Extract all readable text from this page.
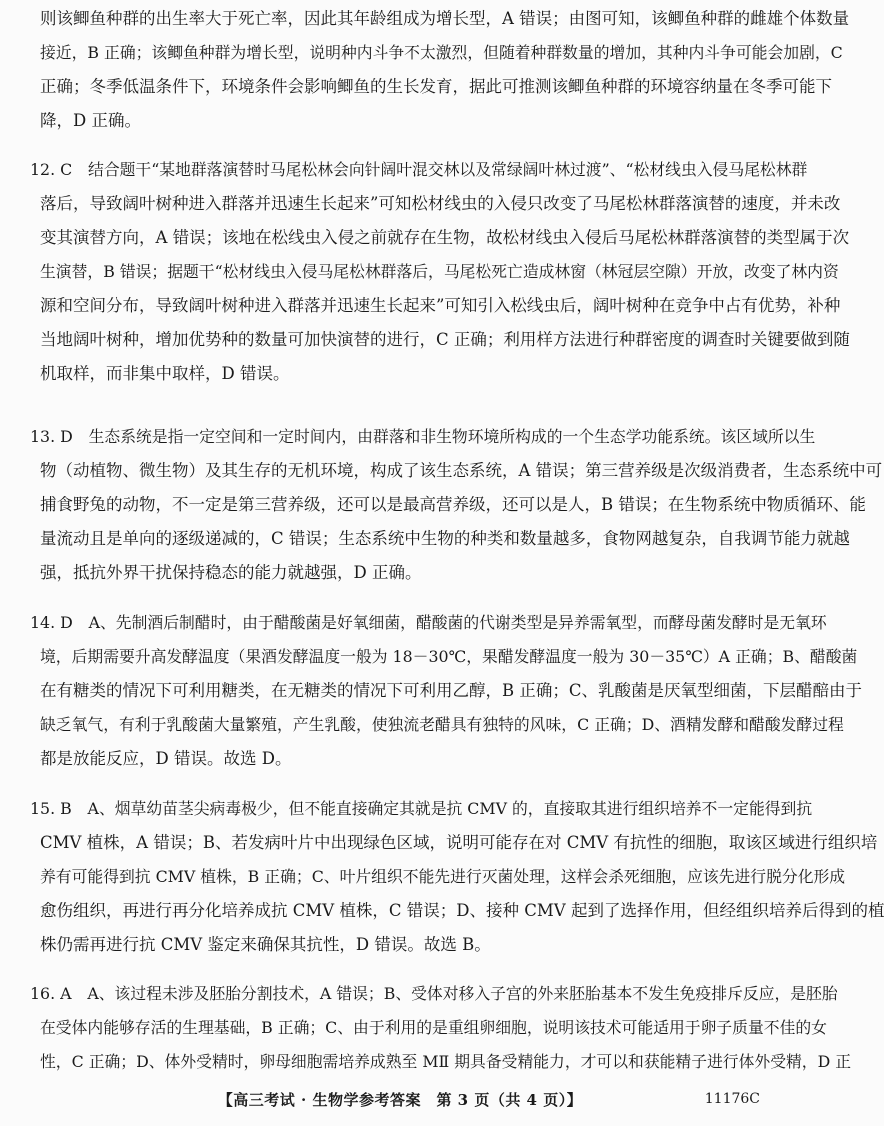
则该鲫鱼种群的出生率大于死亡率，因此其年龄组成为增长型，A 错误；由图可知，该鲫鱼种群的雌雄个体数量
接近，B 正确；该鲫鱼种群为增长型，说明种内斗争不太激烈，但随着种群数量的增加，其种内斗争可能会加剧，C
正确；冬季低温条件下，环境条件会影响鲫鱼的生长发育，据此可推测该鲫鱼种群的环境容纳量在冬季可能下
降，D 正确。
12. C　结合题干“某地群落演替时马尾松林会向针阔叶混交林以及常绿阔叶林过渡”、“松材线虫入侵马尾松林群
落后，导致阔叶树种进入群落并迅速生长起来”可知松材线虫的入侵只改变了马尾松林群落演替的速度，并未改
变其演替方向，A 错误；该地在松线虫入侵之前就存在生物，故松材线虫入侵后马尾松林群落演替的类型属于次
生演替，B 错误；据题干“松材线虫入侵马尾松林群落后，马尾松死亡造成林窗（林冠层空隙）开放，改变了林内资
源和空间分布，导致阔叶树种进入群落并迅速生长起来”可知引入松线虫后，阔叶树种在竞争中占有优势，补种
当地阔叶树种，增加优势种的数量可加快演替的进行，C 正确；利用样方法进行种群密度的调查时关键要做到随
机取样，而非集中取样，D 错误。
13. D　生态系统是指一定空间和一定时间内，由群落和非生物环境所构成的一个生态学功能系统。该区域所以生
物（动植物、微生物）及其生存的无机环境，构成了该生态系统，A 错误；第三营养级是次级消费者，生态系统中可
捕食野兔的动物，不一定是第三营养级，还可以是最高营养级，还可以是人，B 错误；在生物系统中物质循环、能
量流动且是单向的逐级递减的，C 错误；生态系统中生物的种类和数量越多，食物网越复杂，自我调节能力就越
强，抵抗外界干扰保持稳态的能力就越强，D 正确。
14. D　A、先制酒后制醋时，由于醋酸菌是好氧细菌，醋酸菌的代谢类型是异养需氧型，而酵母菌发酵时是无氧环
境，后期需要升高发酵温度（果酒发酵温度一般为 18－30℃，果醋发酵温度一般为 30－35℃）A 正确；B、醋酸菌
在有糖类的情况下可利用糖类，在无糖类的情况下可利用乙醇，B 正确；C、乳酸菌是厌氧型细菌，下层醋醅由于
缺乏氧气，有利于乳酸菌大量繁殖，产生乳酸，使独流老醋具有独特的风味，C 正确；D、酒精发酵和醋酸发酵过程
都是放能反应，D 错误。故选 D。
15. B　A、烟草幼苗茎尖病毒极少，但不能直接确定其就是抗 CMV 的，直接取其进行组织培养不一定能得到抗
CMV 植株，A 错误；B、若发病叶片中出现绿色区域，说明可能存在对 CMV 有抗性的细胞，取该区域进行组织培
养有可能得到抗 CMV 植株，B 正确；C、叶片组织不能先进行灭菌处理，这样会杀死细胞，应该先进行脱分化形成
愈伤组织，再进行再分化培养成抗 CMV 植株，C 错误；D、接种 CMV 起到了选择作用，但经组织培养后得到的植
株仍需再进行抗 CMV 鉴定来确保其抗性，D 错误。故选 B。
16. A　A、该过程未涉及胚胎分割技术，A 错误；B、受体对移入子宫的外来胚胎基本不发生免疫排斥反应，是胚胎
在受体内能够存活的生理基础，B 正确；C、由于利用的是重组卵细胞，说明该技术可能适用于卵子质量不佳的女
性，C 正确；D、体外受精时，卵母细胞需培养成熟至 MⅡ 期具备受精能力，才可以和获能精子进行体外受精，D 正
【高三考试 · 生物学参考答案　第 3 页（共 4 页）】	11176C
